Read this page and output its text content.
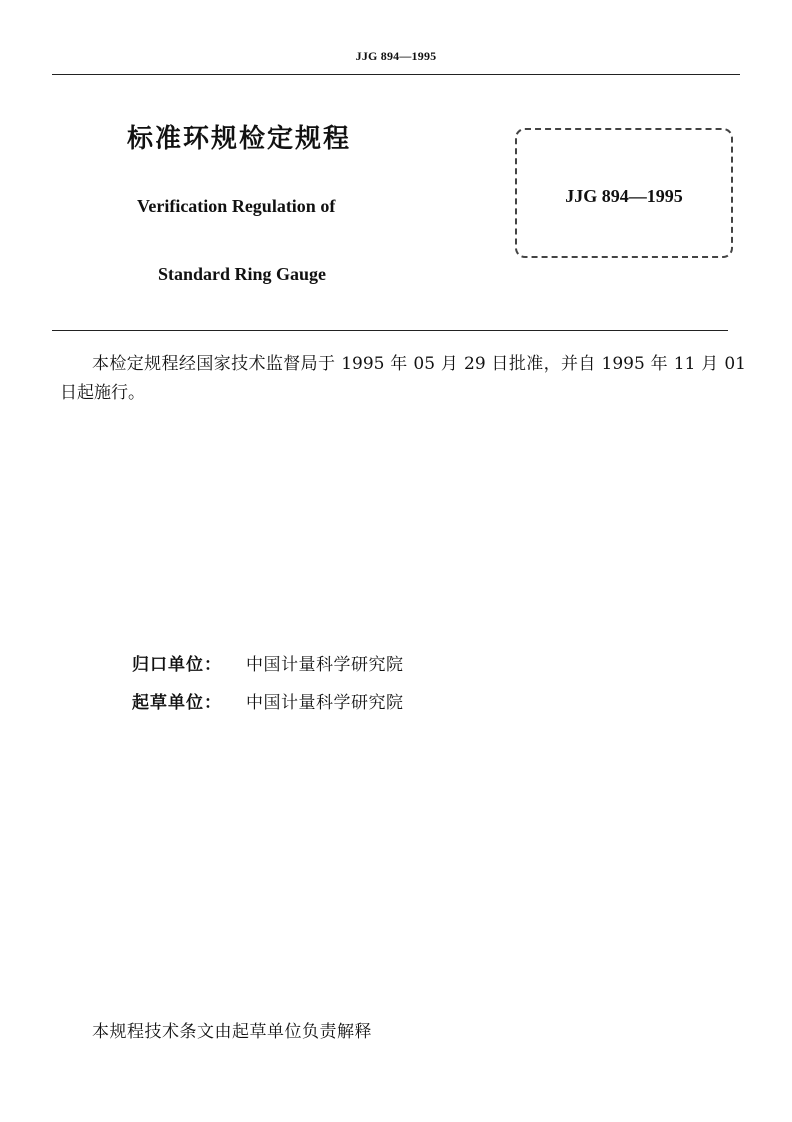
JJG 894—1995
标准环规检定规程
Verification Regulation of
Standard Ring Gauge
JJG 894—1995
本检定规程经国家技术监督局于 1995 年 05 月 29 日批准，并自 1995 年 11 月 01 日起施行。
归口单位：	中国计量科学研究院
起草单位：	中国计量科学研究院
本规程技术条文由起草单位负责解释
